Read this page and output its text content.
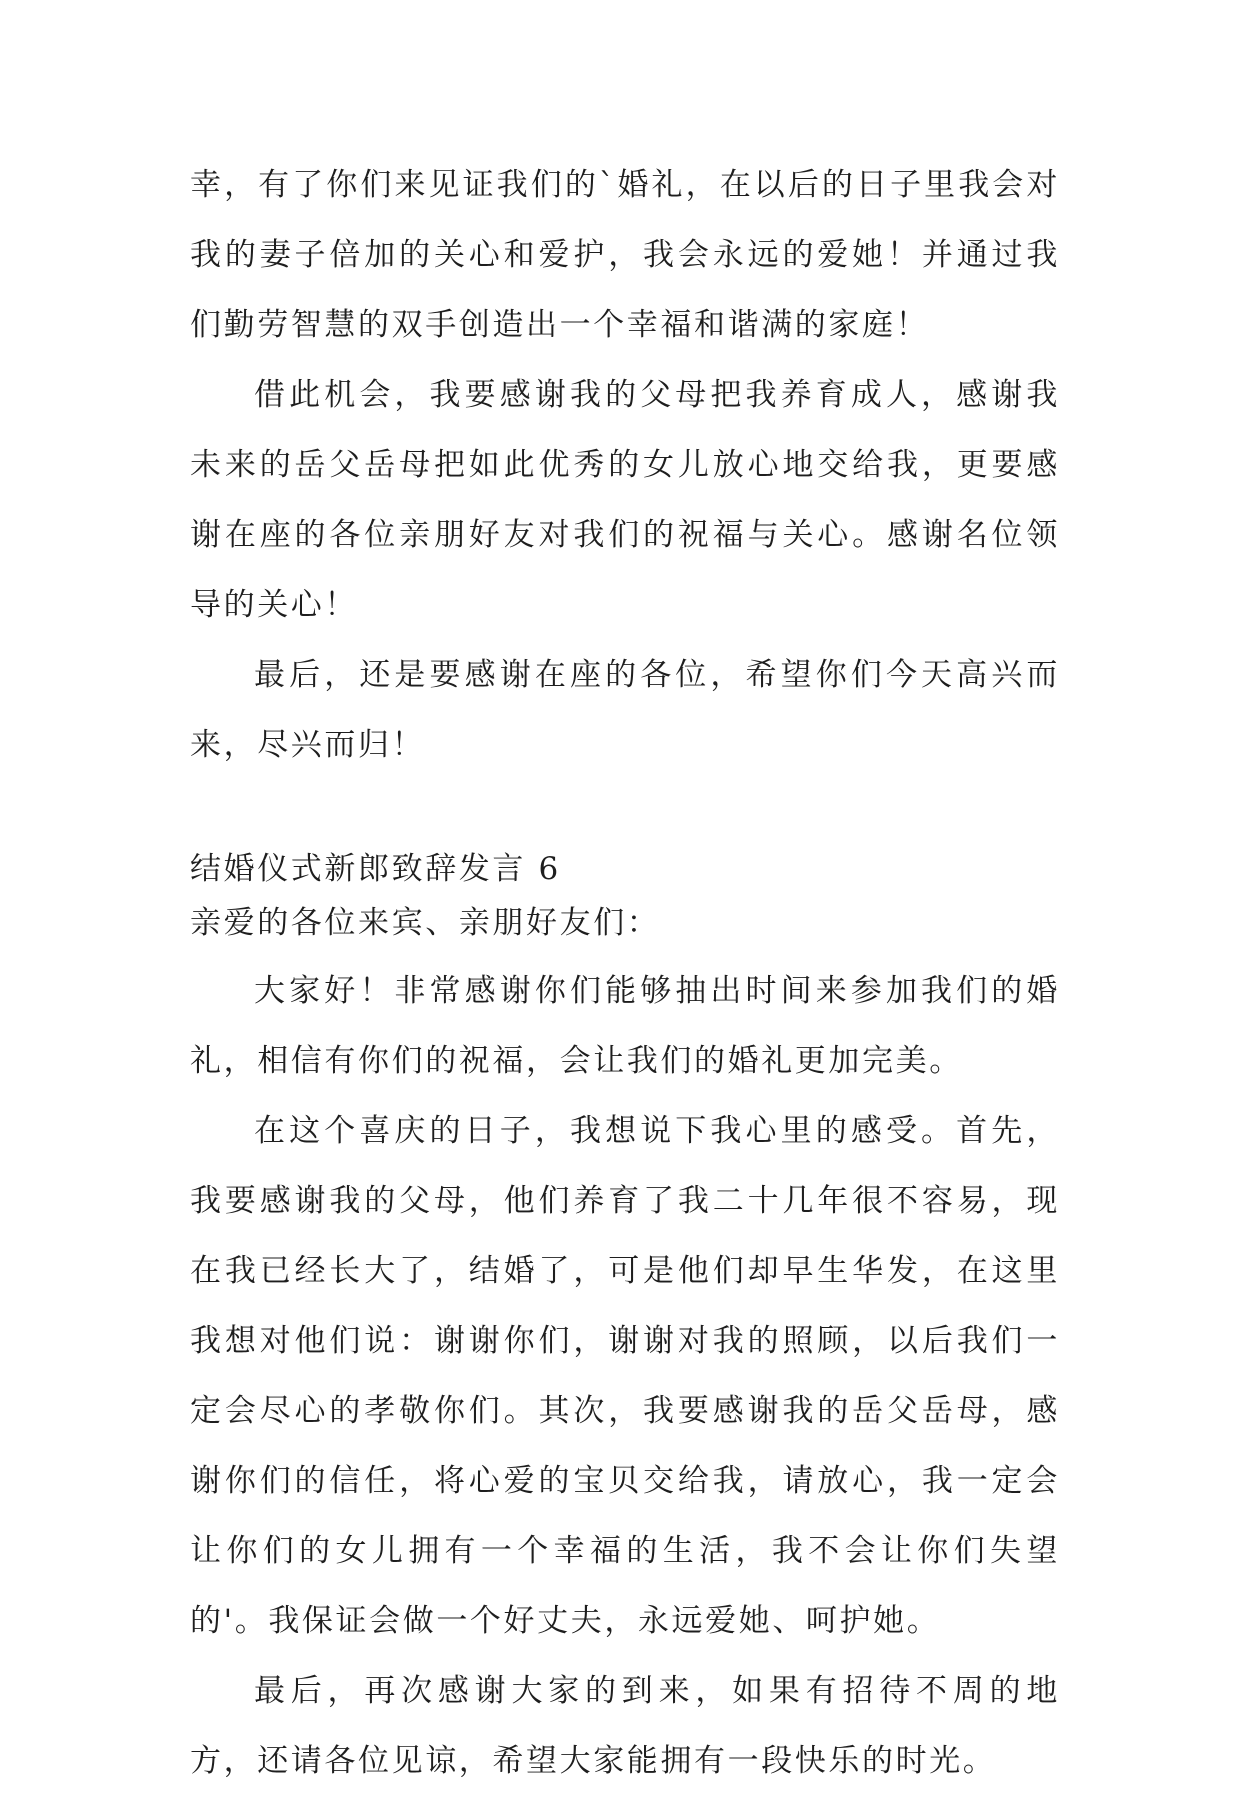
幸，有了你们来见证我们的`婚礼，在以后的日子里我会对我的妻子倍加的关心和爱护，我会永远的爱她！并通过我们勤劳智慧的双手创造出一个幸福和谐满的家庭！

借此机会，我要感谢我的父母把我养育成人，感谢我未来的岳父岳母把如此优秀的女儿放心地交给我，更要感谢在座的各位亲朋好友对我们的祝福与关心。感谢名位领导的关心！

最后，还是要感谢在座的各位，希望你们今天高兴而来，尽兴而归！

结婚仪式新郎致辞发言 6

亲爱的各位来宾、亲朋好友们：

大家好！非常感谢你们能够抽出时间来参加我们的婚礼，相信有你们的祝福，会让我们的婚礼更加完美。

在这个喜庆的日子，我想说下我心里的感受。首先，我要感谢我的父母，他们养育了我二十几年很不容易，现在我已经长大了，结婚了，可是他们却早生华发，在这里我想对他们说：谢谢你们，谢谢对我的照顾，以后我们一定会尽心的孝敬你们。其次，我要感谢我的岳父岳母，感谢你们的信任，将心爱的宝贝交给我，请放心，我一定会让你们的女儿拥有一个幸福的生活，我不会让你们失望的'。我保证会做一个好丈夫，永远爱她、呵护她。

最后，再次感谢大家的到来，如果有招待不周的地方，还请各位见谅，希望大家能拥有一段快乐的时光。
